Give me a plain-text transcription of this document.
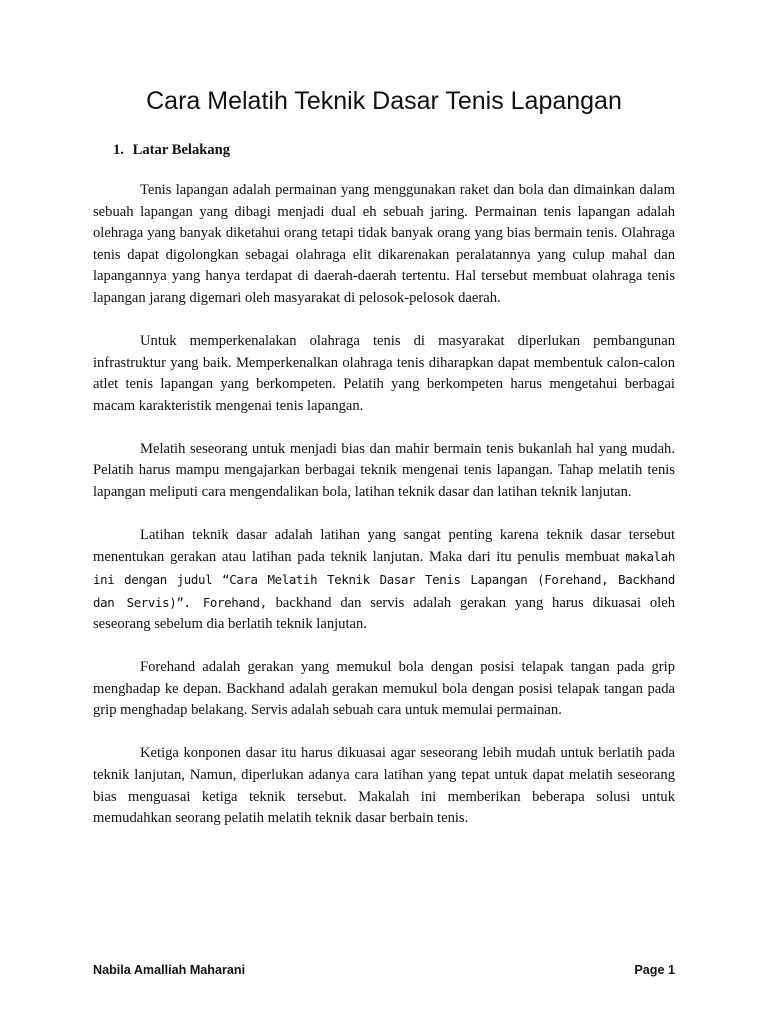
Cara Melatih Teknik Dasar Tenis Lapangan
1. Latar Belakang

Tenis lapangan adalah permainan yang menggunakan raket dan bola dan dimainkan dalam sebuah lapangan yang dibagi menjadi dual eh sebuah jaring. Permainan tenis lapangan adalah olehraga yang banyak diketahui orang tetapi tidak banyak orang yang bias bermain tenis. Olahraga tenis dapat digolongkan sebagai olahraga elit dikarenakan peralatannya yang culup mahal dan lapangannya yang hanya terdapat di daerah-daerah tertentu. Hal tersebut membuat olahraga tenis lapangan jarang digemari oleh masyarakat di pelosok-pelosok daerah.

Untuk memperkenalakan olahraga tenis di masyarakat diperlukan pembangunan infrastruktur yang baik. Memperkenalkan olahraga tenis diharapkan dapat membentuk calon-calon atlet tenis lapangan yang berkompeten. Pelatih yang berkompeten harus mengetahui berbagai macam karakteristik mengenai tenis lapangan.

Melatih seseorang untuk menjadi bias dan mahir bermain tenis bukanlah hal yang mudah. Pelatih harus mampu mengajarkan berbagai teknik mengenai tenis lapangan. Tahap melatih tenis lapangan meliputi cara mengendalikan bola, latihan teknik dasar dan latihan teknik lanjutan.

Latihan teknik dasar adalah latihan yang sangat penting karena teknik dasar tersebut menentukan gerakan atau latihan pada teknik lanjutan. Maka dari itu penulis membuat makalah ini dengan judul “Cara Melatih Teknik Dasar Tenis Lapangan (Forehand, Backhand dan Servis)”. Forehand, backhand dan servis adalah gerakan yang harus dikuasai oleh seseorang sebelum dia berlatih teknik lanjutan.

Forehand adalah gerakan yang memukul bola dengan posisi telapak tangan pada grip menghadap ke depan. Backhand adalah gerakan memukul bola dengan posisi telapak tangan pada grip menghadap belakang. Servis adalah sebuah cara untuk memulai permainan.

Ketiga konponen dasar itu harus dikuasai agar seseorang lebih mudah untuk berlatih pada teknik lanjutan, Namun, diperlukan adanya cara latihan yang tepat untuk dapat melatih seseorang bias menguasai ketiga teknik tersebut. Makalah ini memberikan beberapa solusi untuk memudahkan seorang pelatih melatih teknik dasar berbain tenis.

Nabila Amalliah Maharani	Page 1
